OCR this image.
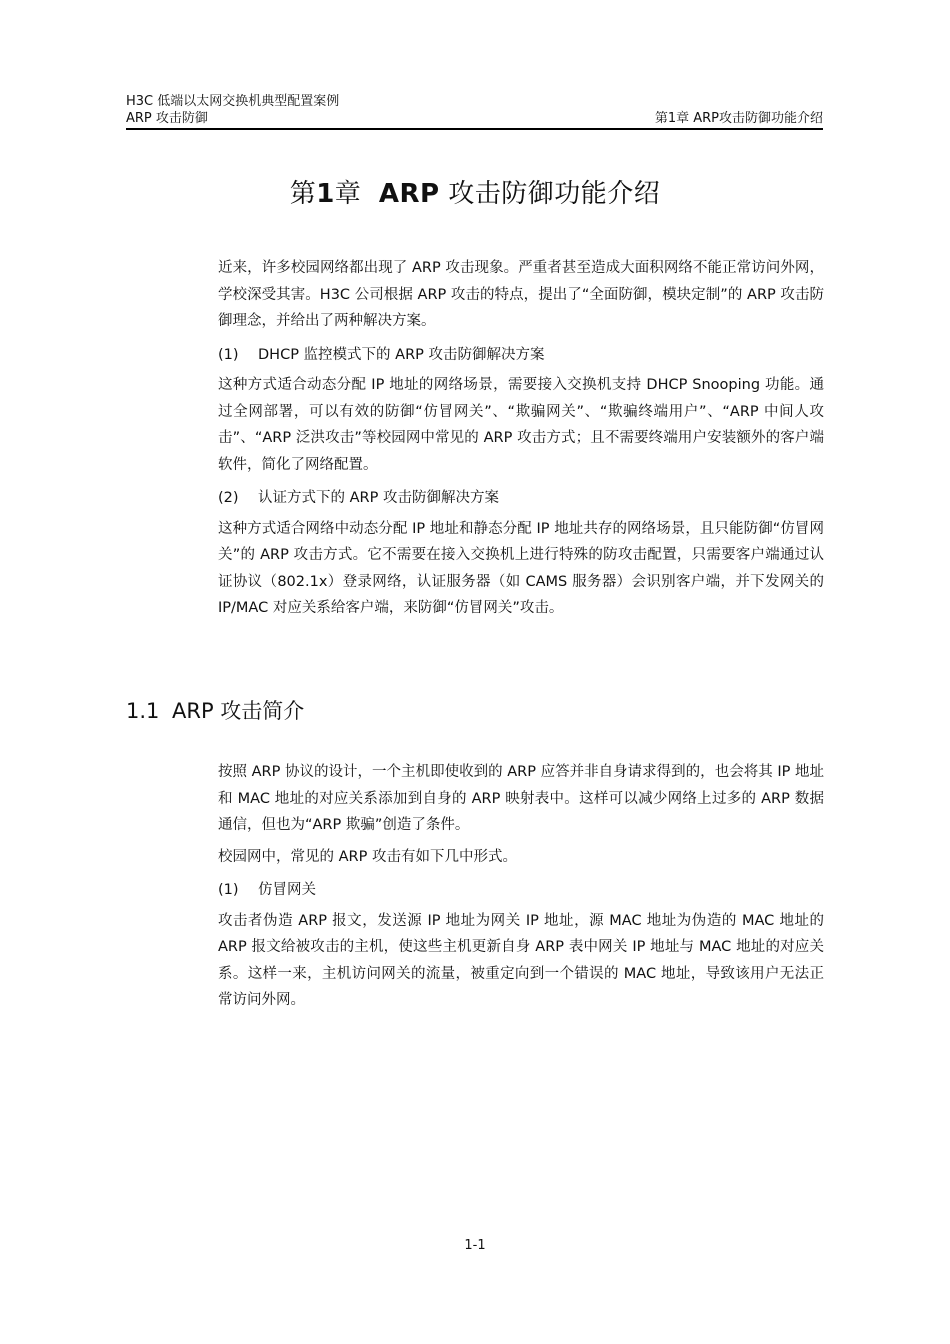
H3C 低端以太网交换机典型配置案例
ARP 攻击防御	第1章 ARP攻击防御功能介绍
第1章 ARP 攻击防御功能介绍

近来，许多校园网络都出现了 ARP 攻击现象。严重者甚至造成大面积网络不能正常访问外网，学校深受其害。H3C 公司根据 ARP 攻击的特点，提出了“全面防御，模块定制”的 ARP 攻击防御理念，并给出了两种解决方案。

(1) DHCP 监控模式下的 ARP 攻击防御解决方案

这种方式适合动态分配 IP 地址的网络场景，需要接入交换机支持 DHCP Snooping 功能。通过全网部署，可以有效的防御“仿冒网关”、“欺骗网关”、“欺骗终端用户”、“ARP 中间人攻击”、“ARP 泛洪攻击”等校园网中常见的 ARP 攻击方式；且不需要终端用户安装额外的客户端软件，简化了网络配置。

(2) 认证方式下的 ARP 攻击防御解决方案

这种方式适合网络中动态分配 IP 地址和静态分配 IP 地址共存的网络场景，且只能防御“仿冒网关”的 ARP 攻击方式。它不需要在接入交换机上进行特殊的防攻击配置，只需要客户端通过认证协议（802.1x）登录网络，认证服务器（如 CAMS 服务器）会识别客户端，并下发网关的 IP/MAC 对应关系给客户端，来防御“仿冒网关”攻击。

1.1 ARP 攻击简介

按照 ARP 协议的设计，一个主机即使收到的 ARP 应答并非自身请求得到的，也会将其 IP 地址和 MAC 地址的对应关系添加到自身的 ARP 映射表中。这样可以减少网络上过多的 ARP 数据通信，但也为“ARP 欺骗”创造了条件。

校园网中，常见的 ARP 攻击有如下几中形式。

(1) 仿冒网关

攻击者伪造 ARP 报文，发送源 IP 地址为网关 IP 地址，源 MAC 地址为伪造的 MAC 地址的 ARP 报文给被攻击的主机，使这些主机更新自身 ARP 表中网关 IP 地址与 MAC 地址的对应关系。这样一来，主机访问网关的流量，被重定向到一个错误的 MAC 地址，导致该用户无法正常访问外网。

1-1
